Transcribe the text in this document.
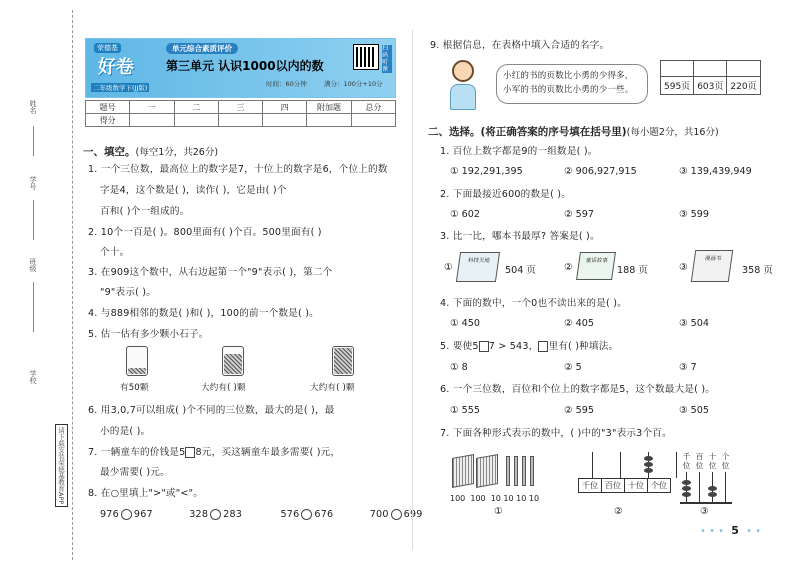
姓名
学号
班级
学校
请下载安装荣德基教育APP
荣德基
好卷
二年级数学下(JJ版)
单元综合素质评价
第三单元 认识1000以内的数
扫码听课
时间：60分钟	满分：100分+10分
题号	一	二	三	四	附加题	总分
得分						
一、填空。(每空1分，共26分)
1. 一个三位数，最高位上的数字是7，十位上的数字是6，个位上的数
字是4，这个数是( )，读作( )，它是由( )个
百和( )个一组成的。
2. 10个一百是( )。800里面有( )个百。500里面有( )
个十。
3. 在909这个数中，从右边起第一个"9"表示( )，第二个
"9"表示( )。
4. 与889相邻的数是( )和( )，100的前一个数是( )。
5. 估一估有多少颗小石子。
有50颗	大约有( )颗	大约有( )颗
6. 用3,0,7可以组成( )个不同的三位数，最大的是( )，最
小的是( )。
7. 一辆童车的价钱是5 8元，买这辆童车最多需要( )元，
最少需要( )元。
8. 在○里填上">"或"<"。
976 967	328 283	576 676	700 699
9. 根据信息，在表格中填入合适的名字。
小红的书的页数比小勇的少得多，
小军的书的页数比小勇的少一些。
			595页	603页	220页
二、选择。(将正确答案的序号填在括号里)(每小题2分，共16分)
1. 百位上数字都是9的一组数是( )。
① 192,291,395	② 906,927,915	③ 139,439,949
2. 下面最接近600的数是( )。
① 602	② 597	③ 599
3. 比一比，哪本书最厚? 答案是( )。
①
科技天地
504 页	②
童话故事
188 页	③
漫画书
358 页
4. 下面的数中，一个0也不读出来的是( )。
① 450	② 405	③ 504
5. 要使5 7 > 543， 里有( )种填法。
① 8	② 5	③ 7
6. 一个三位数，百位和个位上的数字都是5，这个数最大是( )。
① 555	② 595	③ 505
7. 下面各种形式表示的数中，( )中的"3"表示3个百。
100  100  10 10 10 10
①
千位 百位 十位 个位
②
千 百 十 个
位 位 位 位
③
• • • 5 • •
